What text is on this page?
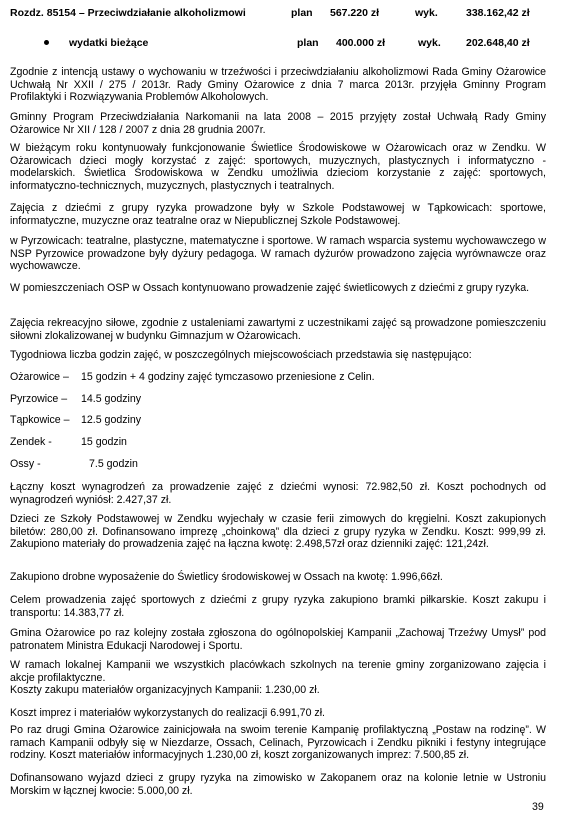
Rozdz. 85154 – Przeciwdziałanie alkoholizmowi	plan 567.220 zł	wyk.	338.162,42 zł
wydatki bieżące	plan 400.000 zł	wyk. 202.648,40 zł

Zgodnie z intencją ustawy o wychowaniu w trzeźwości i przeciwdziałaniu alkoholizmowi Rada Gminy Ożarowice Uchwałą Nr XXII / 275 / 2013r. Rady Gminy Ożarowice z dnia 7 marca 2013r. przyjęła Gminny Program Profilaktyki i Rozwiązywania Problemów Alkoholowych.

Gminny Program Przeciwdziałania Narkomanii na lata 2008 – 2015 przyjęty został Uchwałą Rady Gminy Ożarowice Nr XII / 128 / 2007 z dnia 28 grudnia 2007r.

W bieżącym roku kontynuowały funkcjonowanie Świetlice Środowiskowe w Ożarowicach oraz w Zendku. W Ożarowicach dzieci mogły korzystać z zajęć: sportowych, muzycznych, plastycznych i informatyczno - modelarskich. Świetlica Środowiskowa w Zendku umożliwia dzieciom korzystanie z zajęć: sportowych, informatyczno-technicznych, muzycznych, plastycznych i teatralnych.

Zajęcia z dziećmi z grupy ryzyka prowadzone były w Szkole Podstawowej w Tąpkowicach: sportowe, informatyczne, muzyczne oraz teatralne oraz w Niepublicznej Szkole Podstawowej.

w Pyrzowicach: teatralne, plastyczne, matematyczne i sportowe. W ramach wsparcia systemu wychowawczego w NSP Pyrzowice prowadzone były dyżury pedagoga. W ramach dyżurów prowadzono zajęcia wyrównawcze oraz wychowawcze.

W pomieszczeniach OSP w Ossach kontynuowano prowadzenie zajęć świetlicowych z dziećmi z grupy ryzyka.

Zajęcia rekreacyjno siłowe, zgodnie z ustaleniami zawartymi z uczestnikami zajęć są prowadzone pomieszczeniu siłowni zlokalizowanej w budynku Gimnazjum w Ożarowicach.

Tygodniowa liczba godzin zajęć, w poszczególnych miejscowościach przedstawia się następująco:

Ożarowice – 15 godzin + 4 godziny zajęć tymczasowo przeniesione z Celin.
Pyrzowice – 14.5 godziny
Tąpkowice – 12.5 godziny
Zendek -	15 godzin
Ossy -	7.5 godzin

Łączny koszt wynagrodzeń za prowadzenie zajęć z dziećmi wynosi: 72.982,50 zł. Koszt pochodnych od wynagrodzeń wyniósł: 2.427,37 zł.

Dzieci ze Szkoły Podstawowej w Zendku wyjechały w czasie ferii zimowych do kręgielni. Koszt zakupionych biletów: 280,00 zł. Dofinansowano imprezę „choinkową” dla dzieci z grupy ryzyka w Zendku. Koszt: 999,99 zł. Zakupiono materiały do prowadzenia zajęć na łączna kwotę: 2.498,57zł oraz dzienniki zajęć: 121,24zł.

Zakupiono drobne wyposażenie do Świetlicy środowiskowej w Ossach na kwotę: 1.996,66zł.

Celem prowadzenia zajęć sportowych z dziećmi z grupy ryzyka zakupiono bramki piłkarskie. Koszt zakupu i transportu: 14.383,77 zł.

Gmina Ożarowice po raz kolejny została zgłoszona do ogólnopolskiej Kampanii „Zachowaj Trzeźwy Umysł” pod patronatem Ministra Edukacji Narodowej i Sportu.

W ramach lokalnej Kampanii we wszystkich placówkach szkolnych na terenie gminy zorganizowano zajęcia i akcje profilaktyczne.

Koszty zakupu materiałów organizacyjnych Kampanii: 1.230,00 zł.

Koszt imprez i materiałów wykorzystanych do realizacji 6.991,70 zł.

Po raz drugi Gmina Ożarowice zainicjowała na swoim terenie Kampanię profilaktyczną „Postaw na rodzinę”. W ramach Kampanii odbyły się w Niezdarze, Ossach, Celinach, Pyrzowicach i Zendku pikniki i festyny integrujące rodziny. Koszt materiałów informacyjnych 1.230,00 zł, koszt zorganizowanych imprez: 7.500,85 zł.

Dofinansowano wyjazd dzieci z grupy ryzyka na zimowisko w Zakopanem oraz na kolonie letnie w Ustroniu Morskim w łącznej kwocie: 5.000,00 zł.

39
